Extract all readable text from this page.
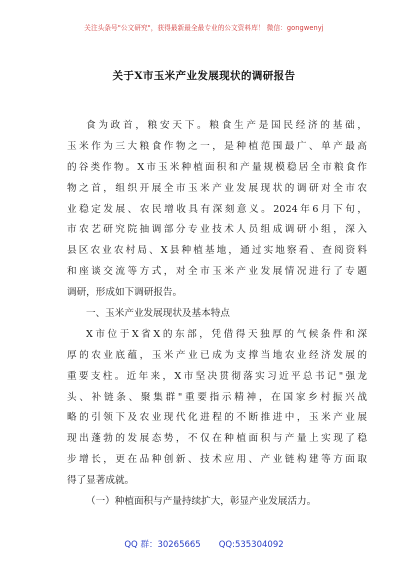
关注头条号"公文研究"，获得最新最全最专业的公文资料库！ 微信：gongwenyj
关于X市玉米产业发展现状的调研报告
食为政首，粮安天下。粮食生产是国民经济的基础，
玉米作为三大粮食作物之一，是种植范围最广、单产最高
的谷类作物。X市玉米种植面积和产量规模稳居全市粮食作
物之首，组织开展全市玉米产业发展现状的调研对全市农
业稳定发展、农民增收具有深刻意义。2024年6月下旬，
市农艺研究院抽调部分专业技术人员组成调研小组，深入
县区农业农村局、X县种植基地，通过实地察看、查阅资料
和座谈交流等方式，对全市玉米产业发展情况进行了专题
调研，形成如下调研报告。
一、玉米产业发展现状及基本特点
X市位于X省X的东部，凭借得天独厚的气候条件和深
厚的农业底蕴，玉米产业已成为支撑当地农业经济发展的
重要支柱。近年来，X市坚决贯彻落实习近平总书记"强龙
头、补链条、聚集群"重要指示精神，在国家乡村振兴战
略的引领下及农业现代化进程的不断推进中，玉米产业展
现出蓬勃的发展态势，不仅在种植面积与产量上实现了稳
步增长，更在品种创新、技术应用、产业链构建等方面取
得了显著成就。
（一）种植面积与产量持续扩大，彰显产业发展活力。
QQ 群：30265665 QQ:535304092
